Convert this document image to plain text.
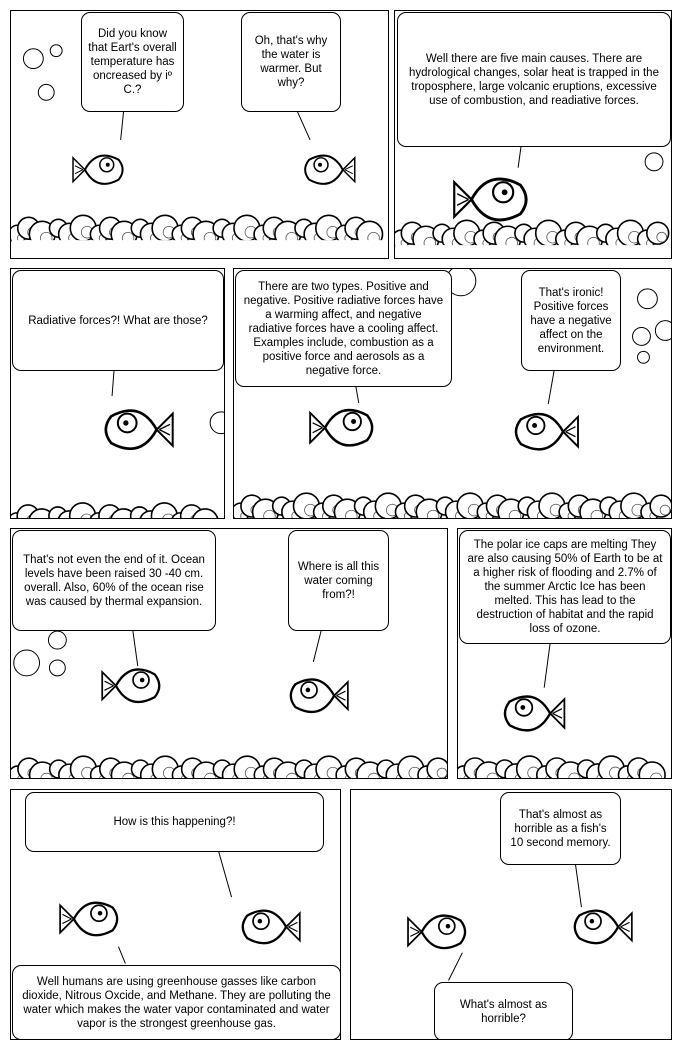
Did you know that Eart's overall temperature has oncreased by iº C.?
Oh, that's why the water is warmer. But why?
Well there are five main causes. There are hydrological changes, solar heat is trapped in the troposphere, large volcanic eruptions, excessive use of combustion, and readiative forces.
Radiative forces?! What are those?
There are two types. Positive and negative. Positive radiative forces have a warming affect, and negative radiative forces have a cooling affect. Examples include, combustion as a positive force and aerosols as a negative force.
That's ironic! Positive forces have a negative affect on the environment.
That's not even the end of it. Ocean levels have been raised 30 -40 cm. overall. Also, 60% of the ocean rise was caused by thermal expansion.
Where is all this water coming from?!
The polar ice caps are melting They are also causing 50% of Earth to be at a higher risk of flooding and 2.7% of the summer Arctic Ice has been melted. This has lead to the destruction of habitat and the rapid loss of ozone.
How is this happening?!
Well humans are using greenhouse gasses like carbon dioxide, Nitrous Oxcide, and Methane. They are polluting the water which makes the water vapor contaminated and water vapor is the strongest greenhouse gas.
That's almost as horrible as a fish's 10 second memory.
What's almost as horrible?
